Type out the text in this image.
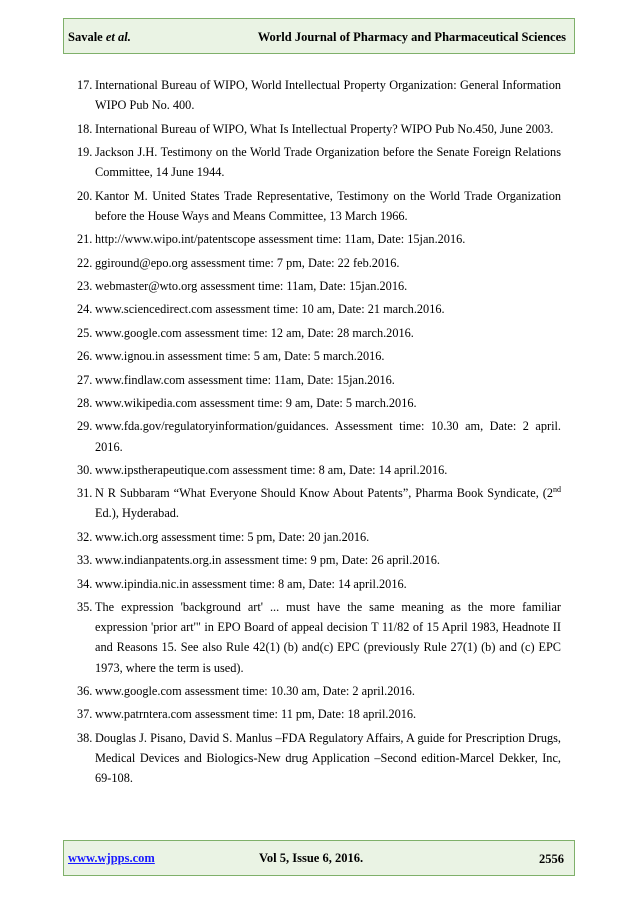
Savale et al.	World Journal of Pharmacy and Pharmaceutical Sciences
17. International Bureau of WIPO, World Intellectual Property Organization: General Information WIPO Pub No. 400.
18. International Bureau of WIPO, What Is Intellectual Property? WIPO Pub No.450, June 2003.
19. Jackson J.H. Testimony on the World Trade Organization before the Senate Foreign Relations Committee, 14 June 1944.
20. Kantor M. United States Trade Representative, Testimony on the World Trade Organization before the House Ways and Means Committee, 13 March 1966.
21. http://www.wipo.int/patentscope assessment time: 11am, Date: 15jan.2016.
22. ggiround@epo.org assessment time: 7 pm, Date: 22 feb.2016.
23. webmaster@wto.org assessment time: 11am, Date: 15jan.2016.
24. www.sciencedirect.com assessment time: 10 am, Date: 21 march.2016.
25. www.google.com assessment time: 12 am, Date: 28 march.2016.
26. www.ignou.in assessment time: 5 am, Date: 5 march.2016.
27. www.findlaw.com assessment time: 11am, Date: 15jan.2016.
28. www.wikipedia.com assessment time: 9 am, Date: 5 march.2016.
29. www.fda.gov/regulatoryinformation/guidances. Assessment time: 10.30 am, Date: 2 april. 2016.
30. www.ipstherapeutique.com assessment time: 8 am, Date: 14 april.2016.
31. N R Subbaram “What Everyone Should Know About Patents”, Pharma Book Syndicate, (2nd Ed.), Hyderabad.
32. www.ich.org assessment time: 5 pm, Date: 20 jan.2016.
33. www.indianpatents.org.in assessment time: 9 pm, Date: 26 april.2016.
34. www.ipindia.nic.in assessment time: 8 am, Date: 14 april.2016.
35. The expression 'background art' ... must have the same meaning as the more familiar expression 'prior art'" in EPO Board of appeal decision T 11/82 of 15 April 1983, Headnote II and Reasons 15. See also Rule 42(1) (b) and(c) EPC (previously Rule 27(1) (b) and (c) EPC 1973, where the term is used).
36. www.google.com assessment time: 10.30 am, Date: 2 april.2016.
37. www.patrntera.com assessment time: 11 pm, Date: 18 april.2016.
38. Douglas J. Pisano, David S. Manlus –FDA Regulatory Affairs, A guide for Prescription Drugs, Medical Devices and Biologics-New drug Application –Second edition-Marcel Dekker, Inc, 69-108.
www.wjpps.com	Vol 5, Issue 6, 2016.	2556
